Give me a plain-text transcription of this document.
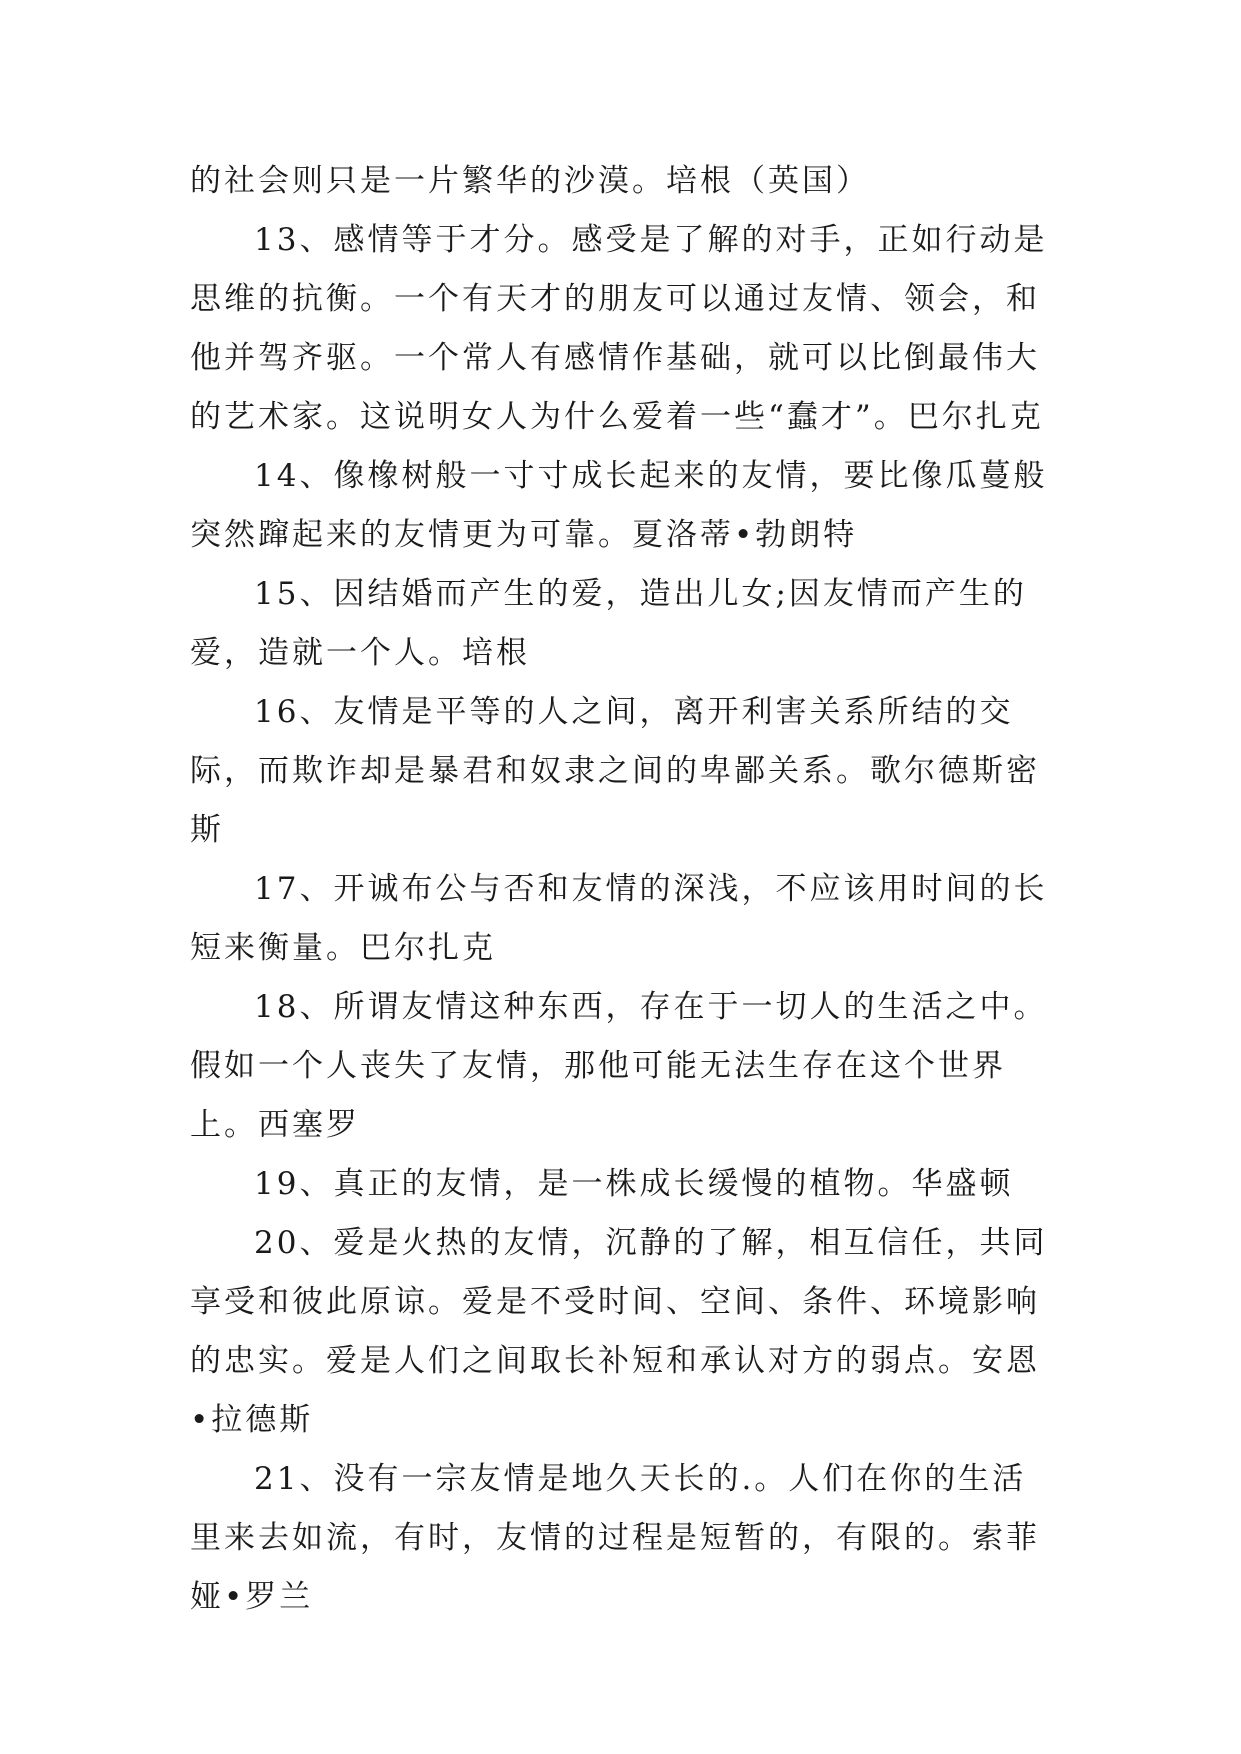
的社会则只是一片繁华的沙漠。培根（英国）

13、感情等于才分。感受是了解的对手，正如行动是思维的抗衡。一个有天才的朋友可以通过友情、领会，和他并驾齐驱。一个常人有感情作基础，就可以比倒最伟大的艺术家。这说明女人为什么爱着一些“蠢才”。巴尔扎克

14、像橡树般一寸寸成长起来的友情，要比像瓜蔓般突然蹿起来的友情更为可靠。夏洛蒂•勃朗特

15、因结婚而产生的爱，造出儿女;因友情而产生的爱，造就一个人。培根

16、友情是平等的人之间，离开利害关系所结的交际，而欺诈却是暴君和奴隶之间的卑鄙关系。歌尔德斯密斯

17、开诚布公与否和友情的深浅，不应该用时间的长短来衡量。巴尔扎克

18、所谓友情这种东西，存在于一切人的生活之中。假如一个人丧失了友情，那他可能无法生存在这个世界上。西塞罗

19、真正的友情，是一株成长缓慢的植物。华盛顿

20、爱是火热的友情，沉静的了解，相互信任，共同享受和彼此原谅。爱是不受时间、空间、条件、环境影响的忠实。爱是人们之间取长补短和承认对方的弱点。安恩•拉德斯

21、没有一宗友情是地久天长的.。人们在你的生活里来去如流，有时，友情的过程是短暂的，有限的。索菲娅•罗兰
